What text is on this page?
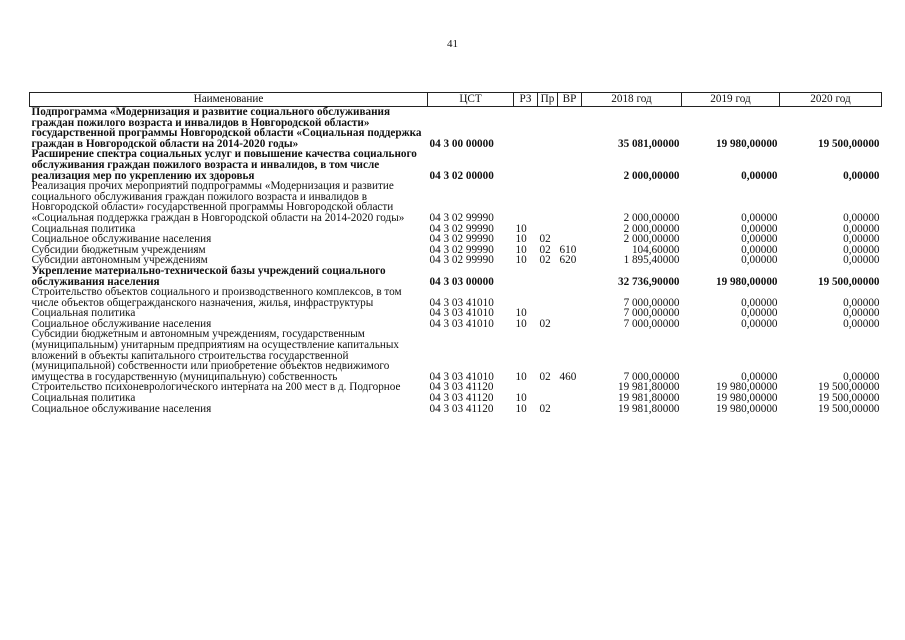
41
Наименование	ЦСТ	РЗ	Пр	ВР	2018 год	2019 год	2020 год
Подпрограмма «Модернизация и развитие социального обслуживания граждан пожилого возраста и инвалидов в Новгородской области» государственной программы Новгородской области «Социальная поддержка граждан в Новгородской области на 2014-2020 годы»	04 3 00 00000				35 081,00000	19 980,00000	19 500,00000
Расширение спектра социальных услуг и повышение качества социального обслуживания граждан пожилого возраста и инвалидов, в том числе реализация мер по укреплению их здоровья	04 3 02 00000				2 000,00000	0,00000	0,00000
Реализация прочих мероприятий подпрограммы «Модернизация и развитие социального обслуживания граждан пожилого возраста и инвалидов в Новгородской области» государственной программы Новгородской области «Социальная поддержка граждан в Новгородской области на 2014-2020 годы»	04 3 02 99990				2 000,00000	0,00000	0,00000
Социальная политика	04 3 02 99990	10			2 000,00000	0,00000	0,00000
Социальное обслуживание населения	04 3 02 99990	10	02		2 000,00000	0,00000	0,00000
Субсидии бюджетным учреждениям	04 3 02 99990	10	02	610	104,60000	0,00000	0,00000
Субсидии автономным учреждениям	04 3 02 99990	10	02	620	1 895,40000	0,00000	0,00000
Укрепление материально-технической базы учреждений социального обслуживания населения	04 3 03 00000				32 736,90000	19 980,00000	19 500,00000
Строительство объектов социального и производственного комплексов, в том числе объектов общегражданского назначения, жилья, инфраструктуры	04 3 03 41010				7 000,00000	0,00000	0,00000
Социальная политика	04 3 03 41010	10			7 000,00000	0,00000	0,00000
Социальное обслуживание населения	04 3 03 41010	10	02		7 000,00000	0,00000	0,00000
Субсидии бюджетным и автономным учреждениям, государственным (муниципальным) унитарным предприятиям на осуществление капитальных вложений в объекты капитального строительства государственной (муниципальной) собственности или приобретение объектов недвижимого имущества в государственную (муниципальную) собственность	04 3 03 41010	10	02	460	7 000,00000	0,00000	0,00000
Строительство психоневрологического интерната на 200 мест в д. Подгорное	04 3 03 41120				19 981,80000	19 980,00000	19 500,00000
Социальная политика	04 3 03 41120	10			19 981,80000	19 980,00000	19 500,00000
Социальное обслуживание населения	04 3 03 41120	10	02		19 981,80000	19 980,00000	19 500,00000
